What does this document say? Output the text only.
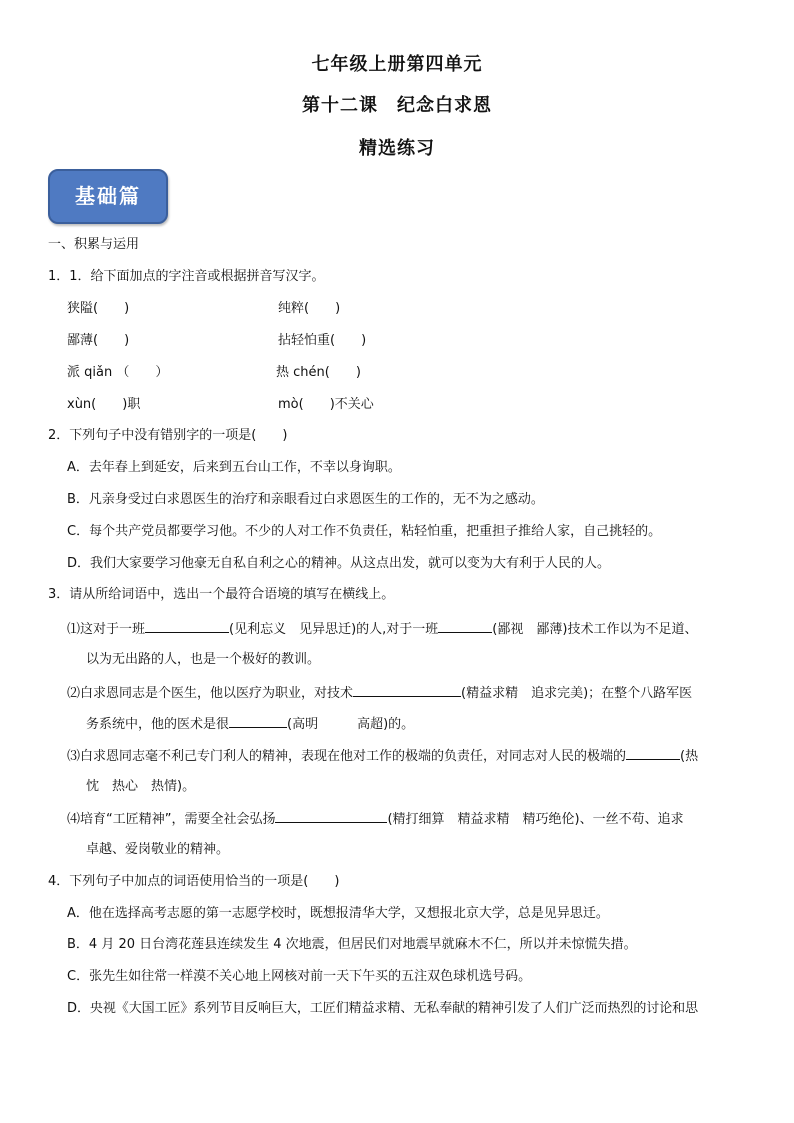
七年级上册第四单元
第十二课　纪念白求恩
精选练习
基础篇
一、积累与运用
1．1．给下面加点的字注音或根据拼音写汉字。
狭隘(　　)	纯粹(　　)
鄙薄(　　)	拈轻怕重(　　)
派 qiǎn （　　）	热 chén(　　)
xùn(　　)职	mò(　　)不关心
2．下列句子中没有错别字的一项是(　　)
A．去年春上到延安，后来到五台山工作，不幸以身询职。
B．凡亲身受过白求恩医生的治疗和亲眼看过白求恩医生的工作的，无不为之感动。
C．每个共产党员都要学习他。不少的人对工作不负责任，粘轻怕重，把重担子推给人家，自己挑轻的。
D．我们大家要学习他豪无自私自利之心的精神。从这点出发，就可以变为大有利于人民的人。
3．请从所给词语中，选出一个最符合语境的填写在横线上。
⑴这对于一班	(见利忘义　见异思迁)的人,对于一班	(鄙视　鄙薄)技术工作以为不足道、
以为无出路的人，也是一个极好的教训。
⑵白求恩同志是个医生，他以医疗为职业，对技术	(精益求精　追求完美)；在整个八路军医
务系统中，他的医术是很	(高明　　　高超)的。
⑶白求恩同志毫不利己专门利人的精神，表现在他对工作的极端的负责任，对同志对人民的极端的	(热
忱　热心　热情)。
⑷培育“工匠精神”，需要全社会弘扬	(精打细算　精益求精　精巧绝伦)、一丝不苟、追求
卓越、爱岗敬业的精神。
4．下列句子中加点的词语使用恰当的一项是(　　)
A．他在选择高考志愿的第一志愿学校时，既想报清华大学，又想报北京大学，总是见异思迁。
B．4 月 20 日台湾花莲县连续发生 4 次地震，但居民们对地震早就麻木不仁，所以并未惊慌失措。
C．张先生如往常一样漠不关心地上网核对前一天下午买的五注双色球机选号码。
D．央视《大国工匠》系列节目反响巨大，工匠们精益求精、无私奉献的精神引发了人们广泛而热烈的讨论和思
